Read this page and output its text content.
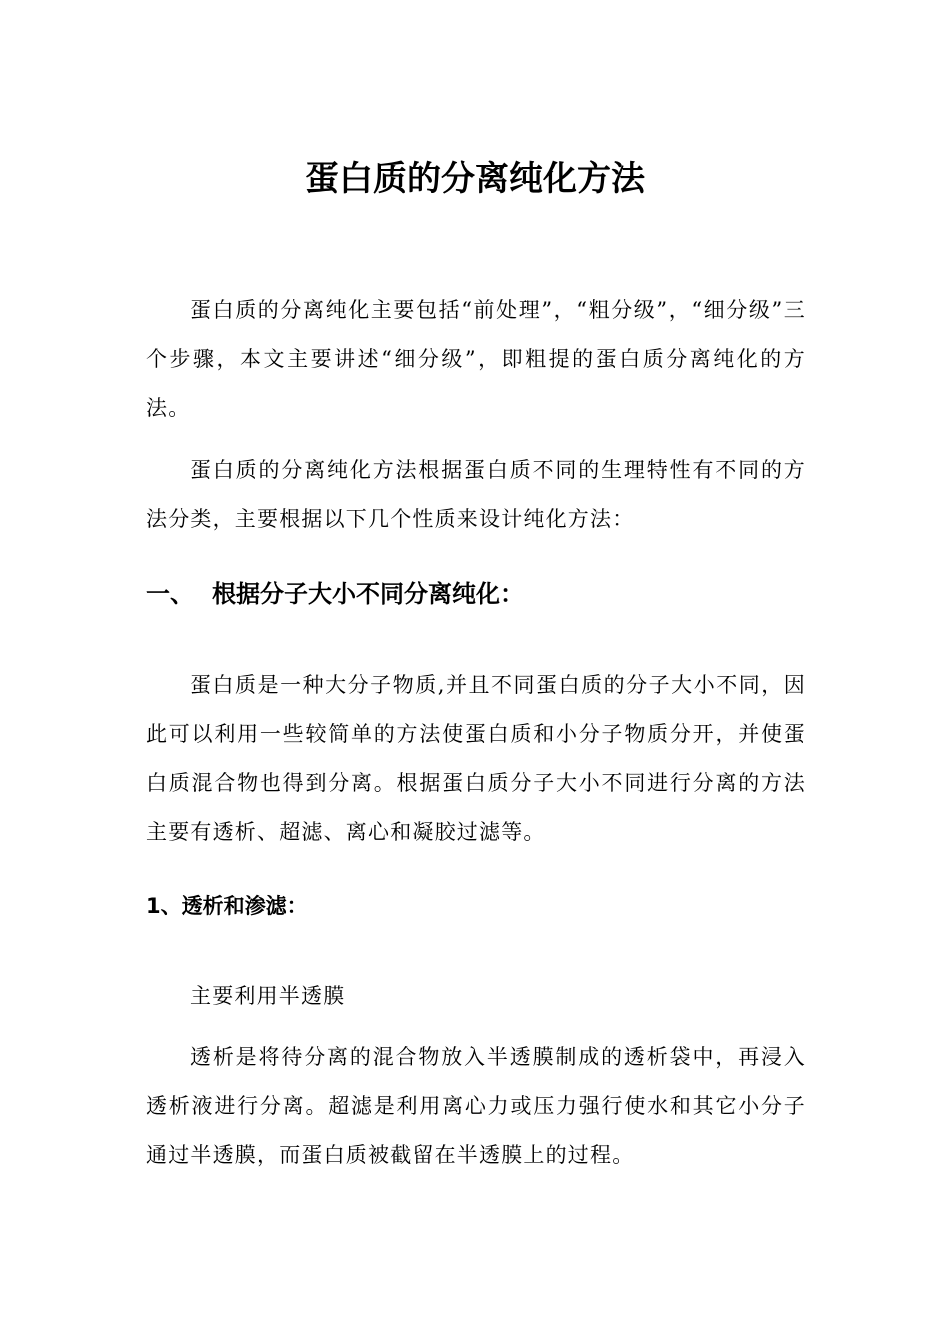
蛋白质的分离纯化方法

蛋白质的分离纯化主要包括“前处理”，“粗分级”，“细分级”三个步骤，本文主要讲述“细分级”，即粗提的蛋白质分离纯化的方法。

蛋白质的分离纯化方法根据蛋白质不同的生理特性有不同的方法分类，主要根据以下几个性质来设计纯化方法：

一、 根据分子大小不同分离纯化：

蛋白质是一种大分子物质,并且不同蛋白质的分子大小不同，因此可以利用一些较简单的方法使蛋白质和小分子物质分开，并使蛋白质混合物也得到分离。根据蛋白质分子大小不同进行分离的方法主要有透析、超滤、离心和凝胶过滤等。

1、透析和渗滤：

主要利用半透膜

透析是将待分离的混合物放入半透膜制成的透析袋中，再浸入透析液进行分离。超滤是利用离心力或压力强行使水和其它小分子通过半透膜，而蛋白质被截留在半透膜上的过程。
